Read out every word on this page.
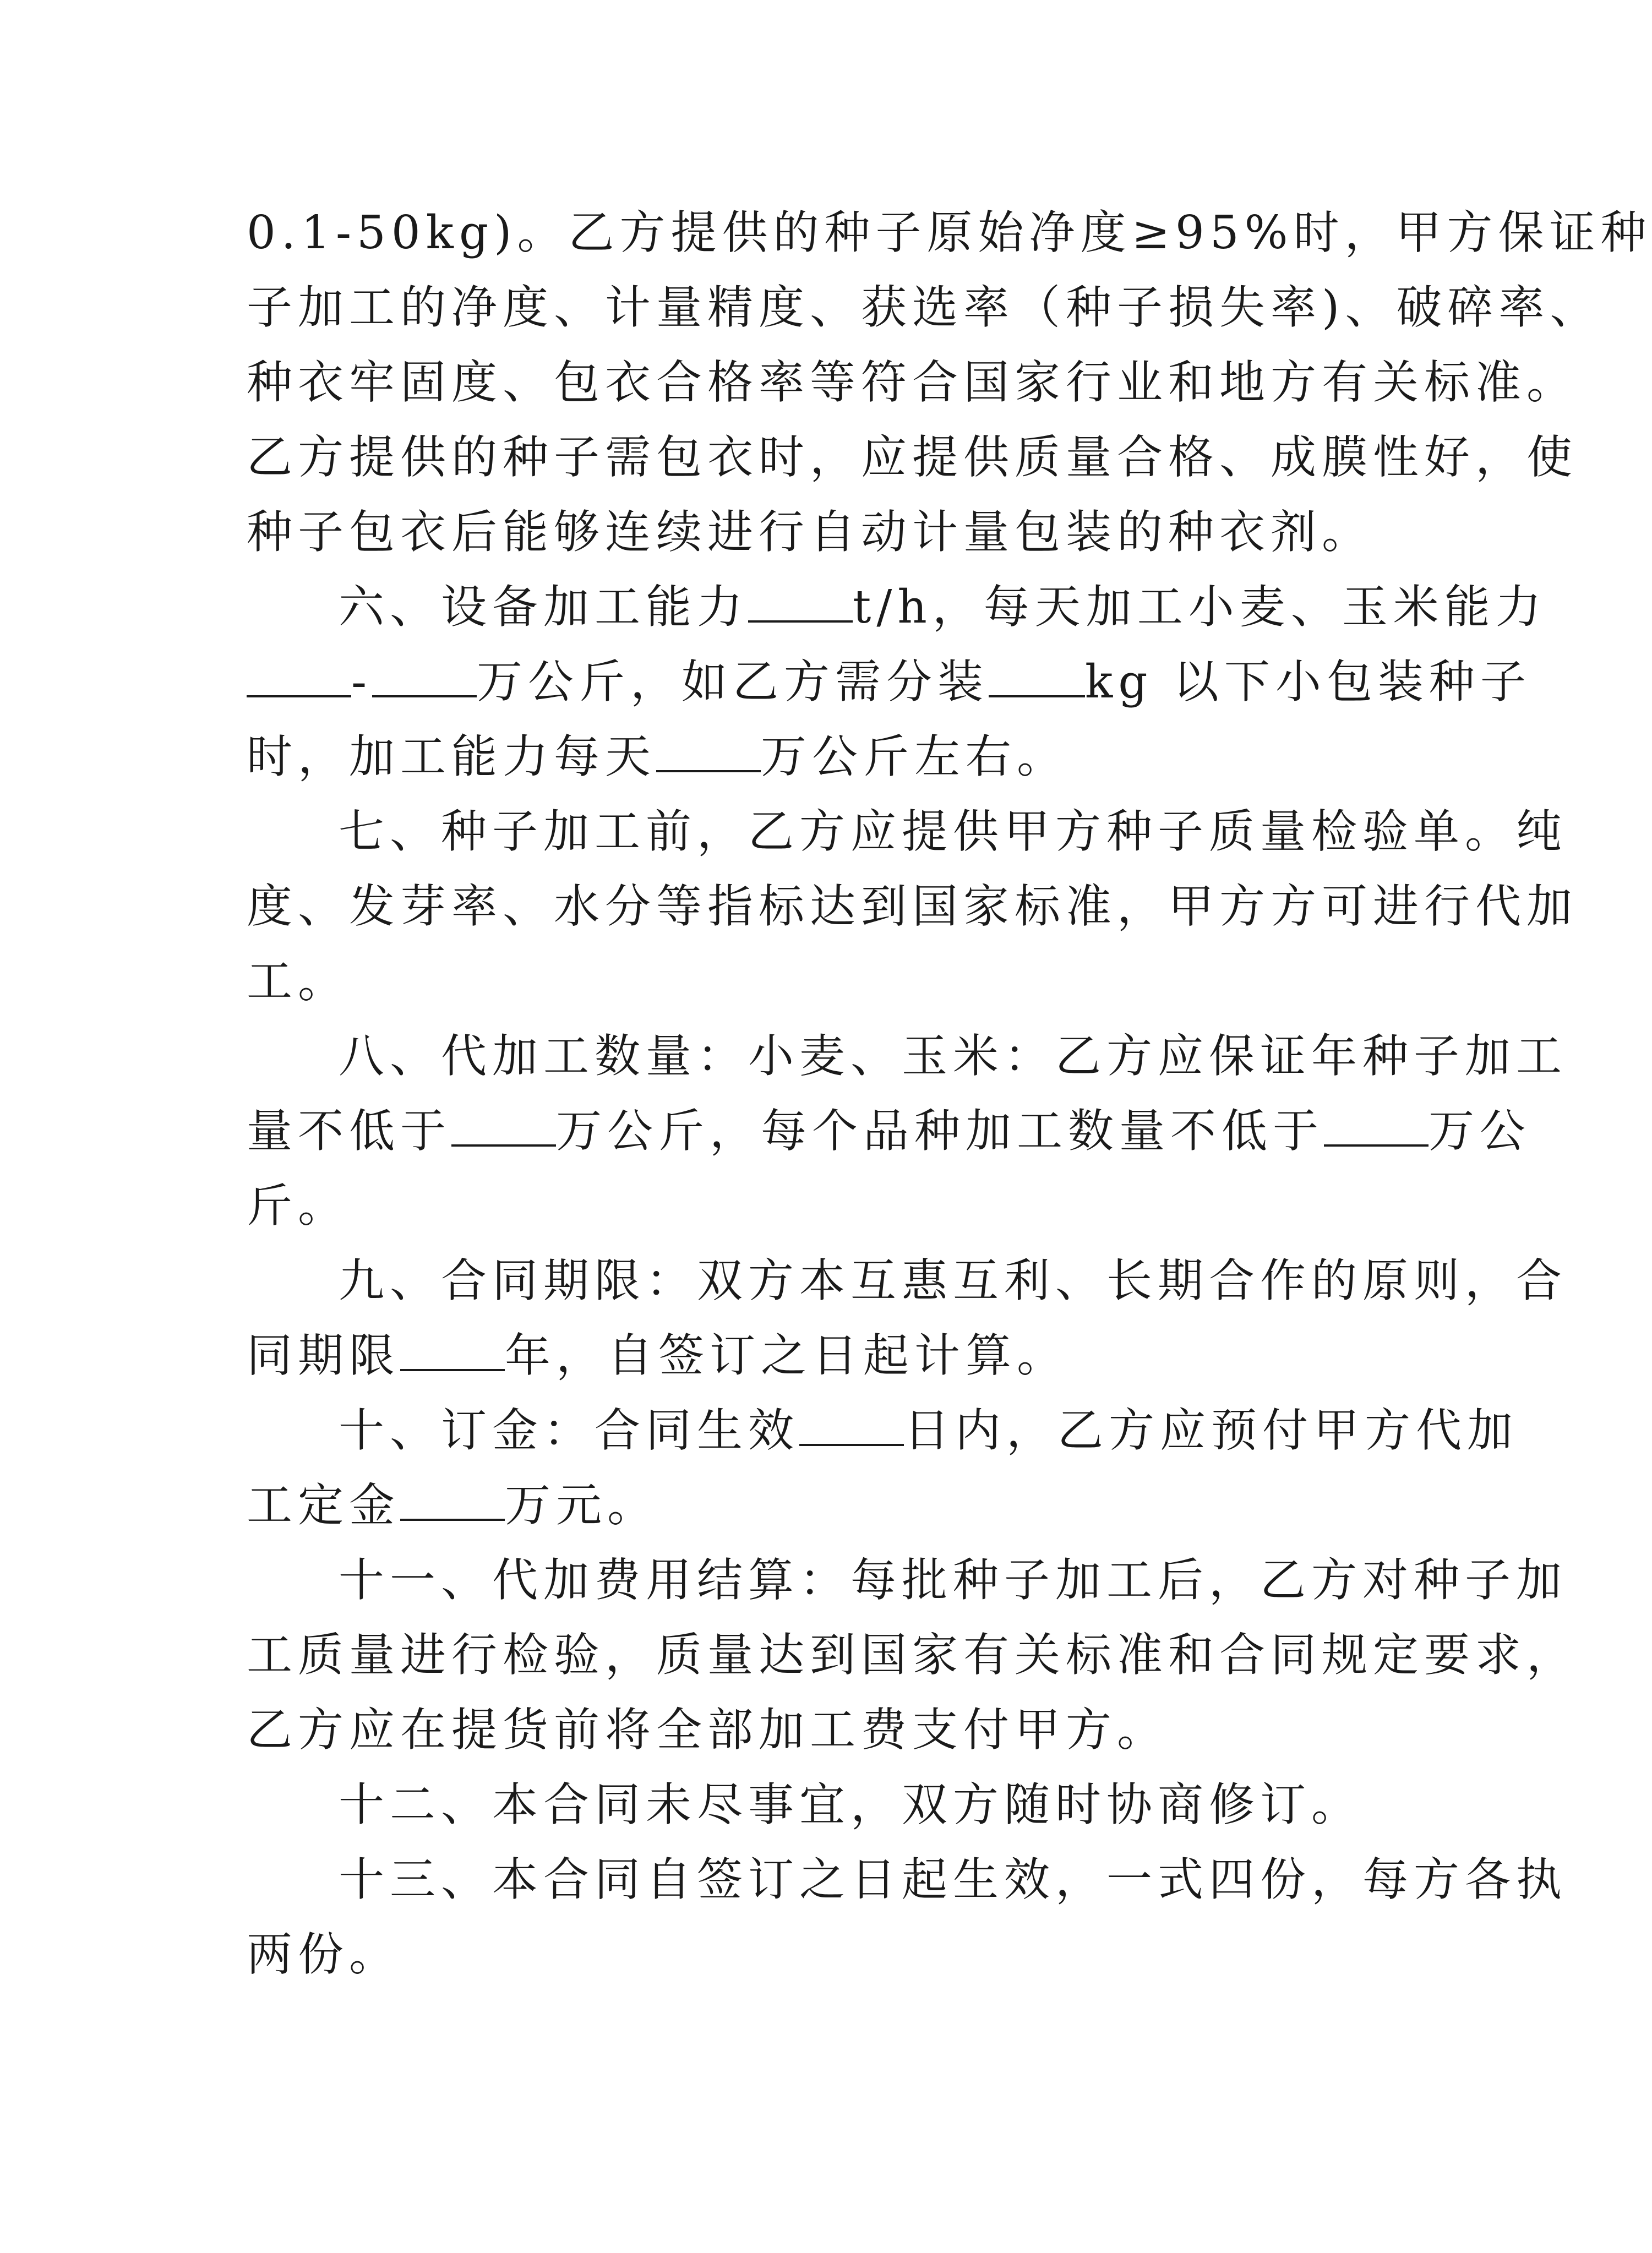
0.1-50kg)。乙方提供的种子原始净度≥95%时，甲方保证种
子加工的净度、计量精度、获选率（种子损失率)、破碎率、
种衣牢固度、包衣合格率等符合国家行业和地方有关标准。
乙方提供的种子需包衣时，应提供质量合格、成膜性好，使
种子包衣后能够连续进行自动计量包装的种衣剂。
六、设备加工能力 t/h，每天加工小麦、玉米能力
- 万公斤，如乙方需分装 kg 以下小包装种子
时，加工能力每天 万公斤左右。
七、种子加工前，乙方应提供甲方种子质量检验单。纯
度、发芽率、水分等指标达到国家标准，甲方方可进行代加
工。
八、代加工数量：小麦、玉米：乙方应保证年种子加工
量不低于 万公斤，每个品种加工数量不低于 万公
斤。
九、合同期限：双方本互惠互利、长期合作的原则，合
同期限 年，自签订之日起计算。
十、订金：合同生效 日内，乙方应预付甲方代加
工定金 万元。
十一、代加费用结算：每批种子加工后，乙方对种子加
工质量进行检验，质量达到国家有关标准和合同规定要求，
乙方应在提货前将全部加工费支付甲方。
十二、本合同未尽事宜，双方随时协商修订。
十三、本合同自签订之日起生效，一式四份，每方各执
两份。
